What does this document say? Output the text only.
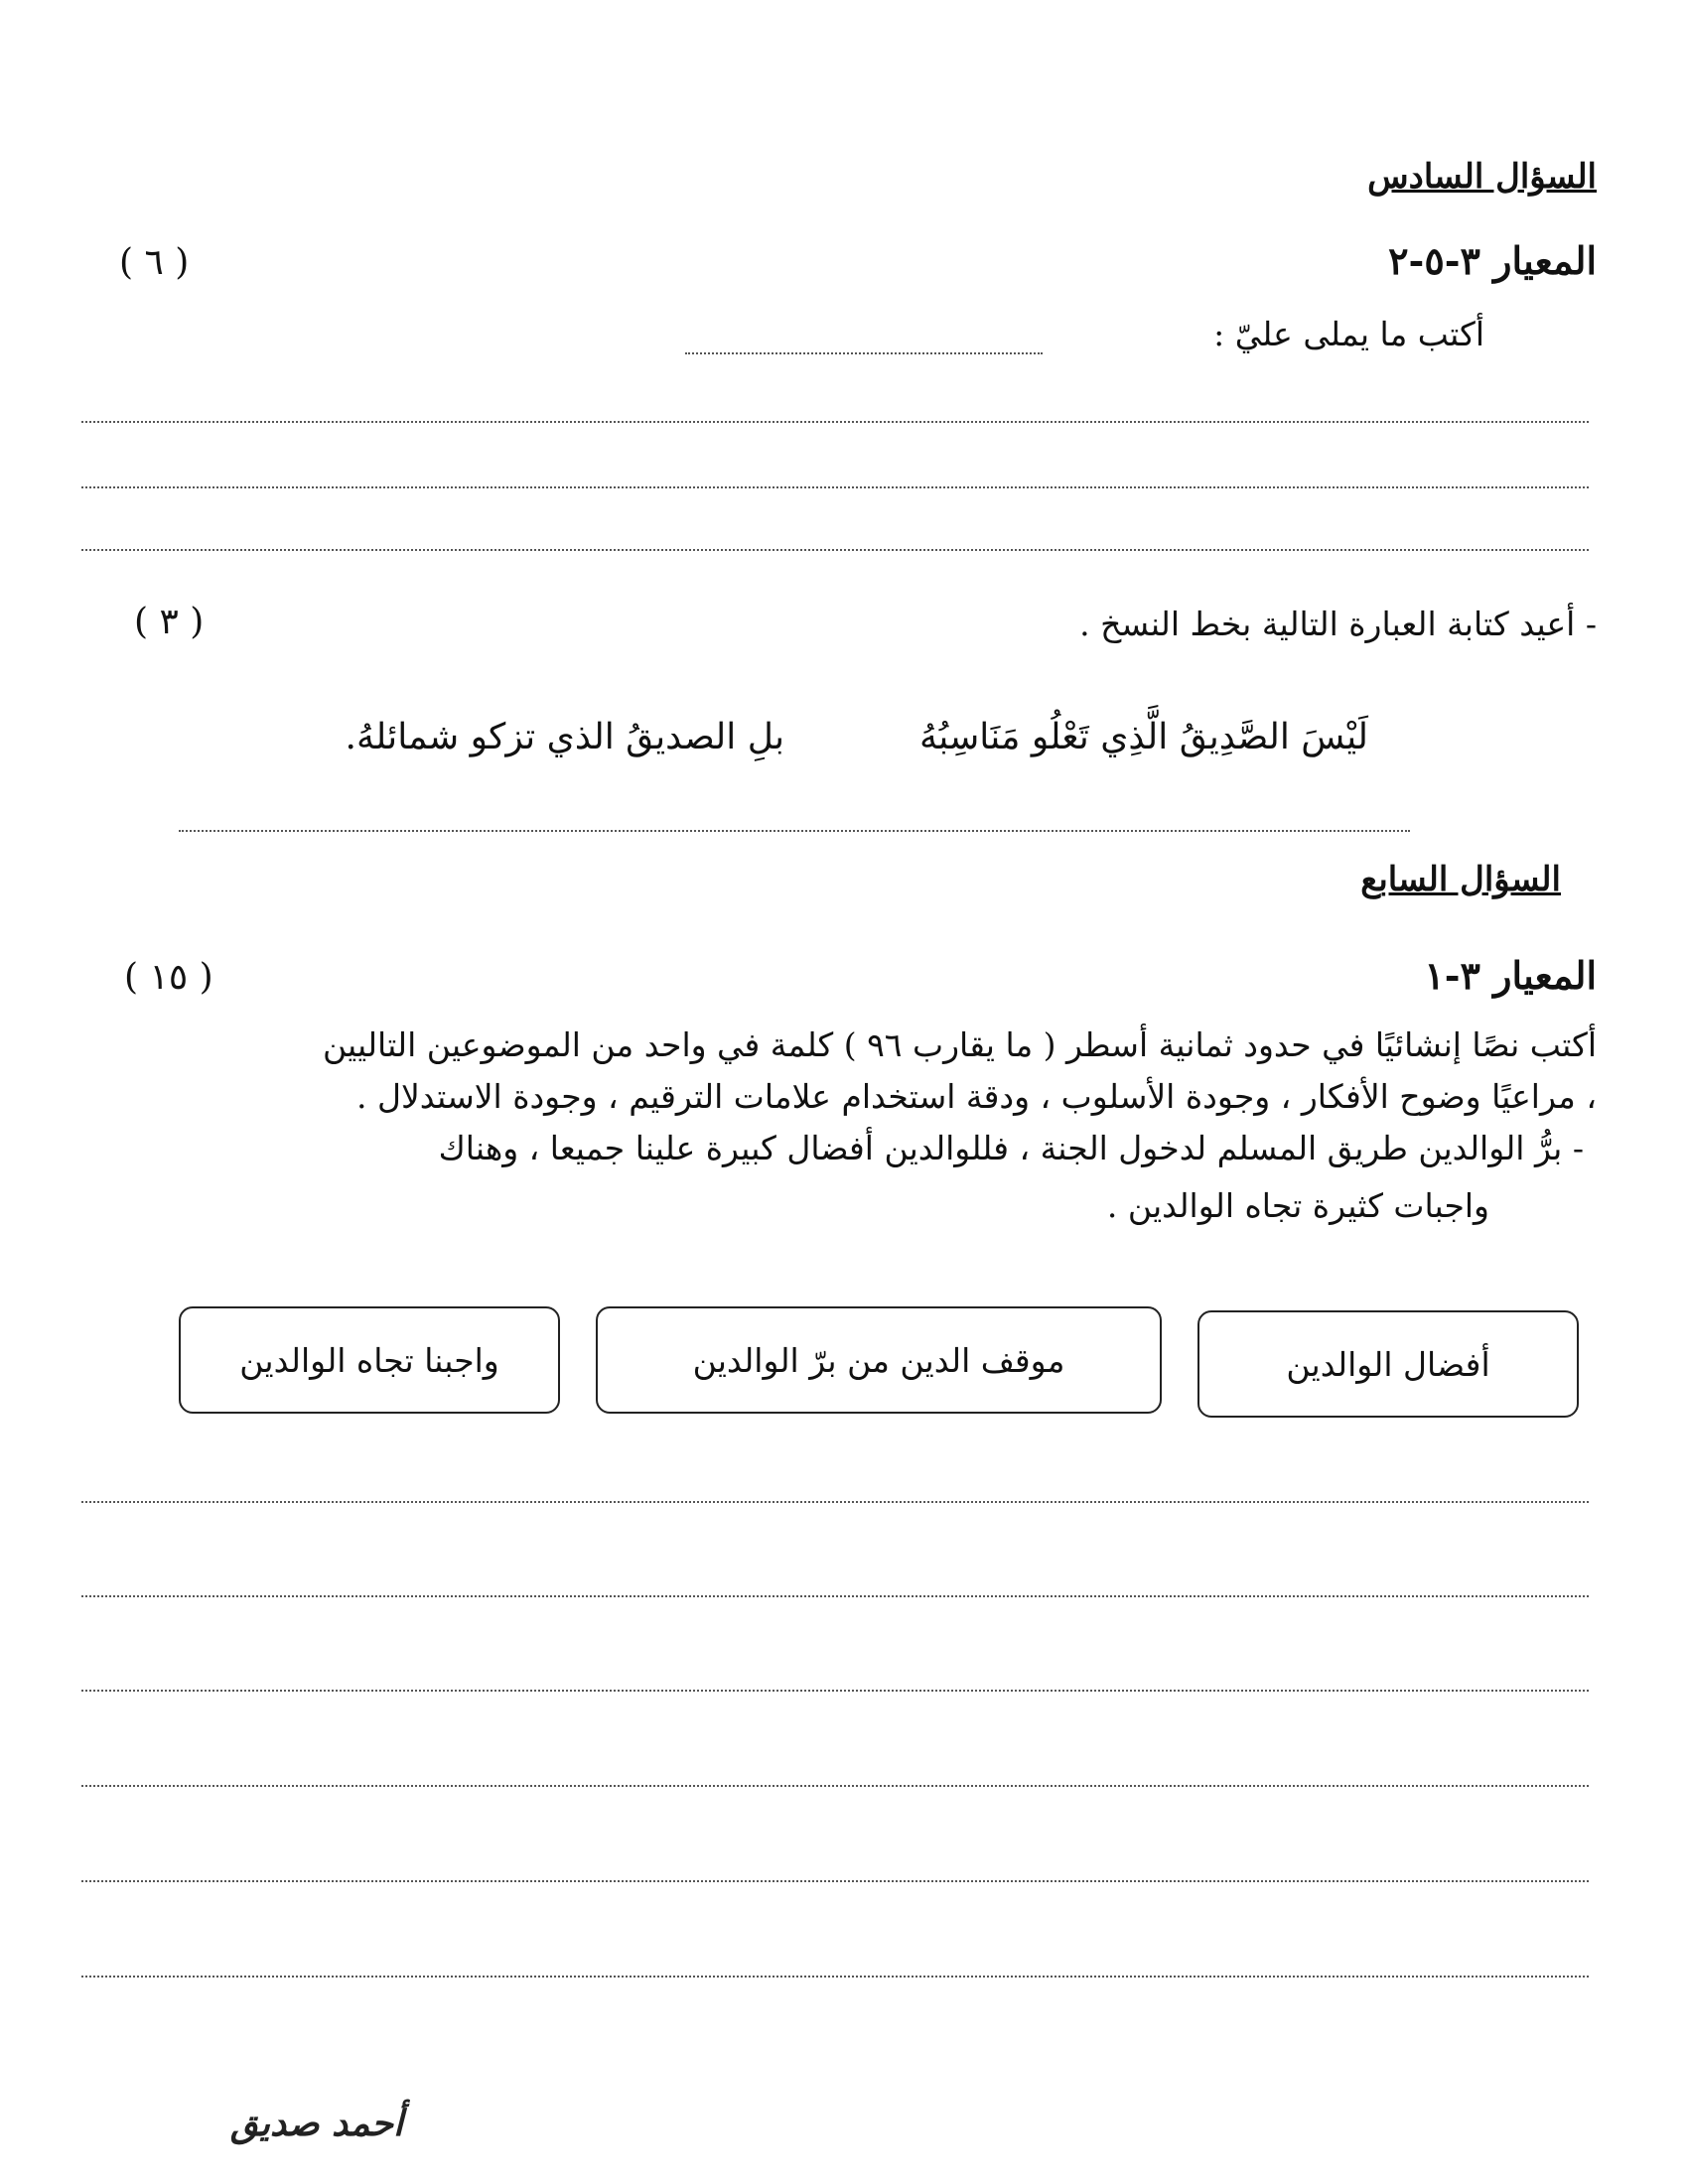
السؤال السادس
المعيار ٣-٥-٢
( ٦ )
أكتب ما يملى عليّ :
- أعيد كتابة العبارة التالية بخط النسخ .
( ٣ )
لَيْسَ الصَّدِيقُ الَّذِي تَعْلُو مَنَاسِبُهُ
بلِ الصديقُ الذي تزكو شمائلهُ.
السؤال السابع
المعيار ٣-١
( ١٥ )
أكتب نصًا إنشائيًا في حدود ثمانية أسطر ( ما يقارب ٩٦ ) كلمة في واحد من الموضوعين التاليين
، مراعيًا وضوح الأفكار ، وجودة الأسلوب ، ودقة استخدام علامات الترقيم ، وجودة الاستدلال .
- برُّ الوالدين طريق المسلم لدخول الجنة ، فللوالدين أفضال كبيرة علينا جميعا ، وهناك
واجبات كثيرة تجاه الوالدين .
أفضال الوالدين
موقف الدين من برّ الوالدين
واجبنا تجاه الوالدين
أحمد صديق
